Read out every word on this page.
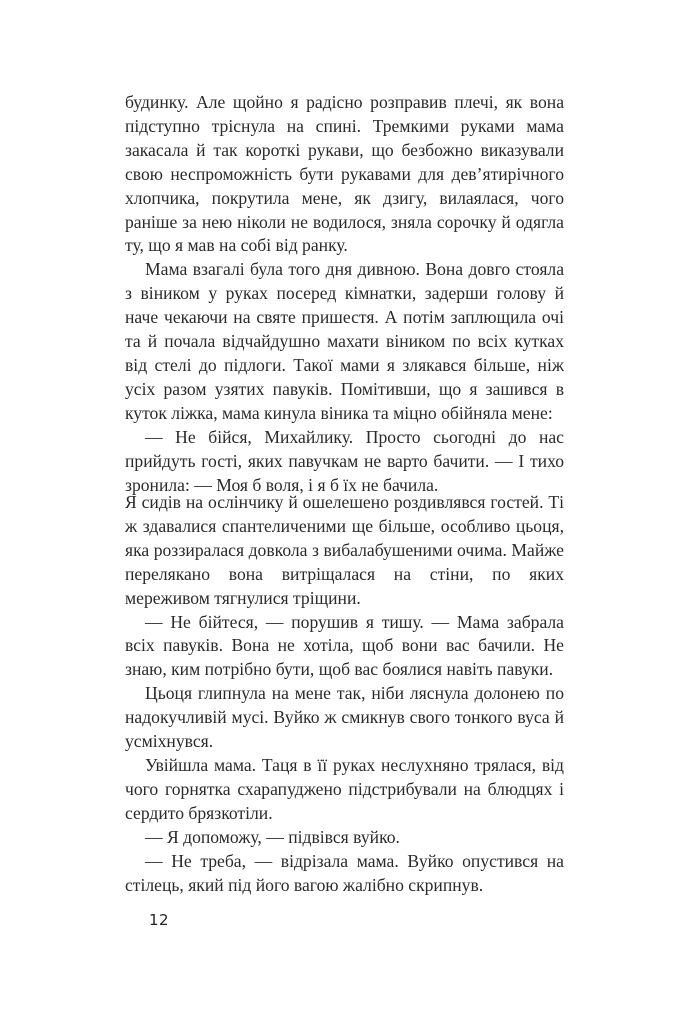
будинку. Але щойно я радісно розправив плечі, як вона підступно тріснула на спині. Тремкими руками мама закасала й так короткі рукави, що безбожно виказували свою неспроможність бути рукавами для дев’ятирічного хлопчика, покрутила мене, як дзигу, вилаялася, чого раніше за нею ніколи не водилося, зняла сорочку й одягла ту, що я мав на собі від ранку.

Мама взагалі була того дня дивною. Вона довго стояла з віником у руках посеред кімнатки, задерши голову й наче чекаючи на святе пришестя. А потім заплющила очі та й почала відчайдушно махати віником по всіх кутках від стелі до підлоги. Такої мами я злякався більше, ніж усіх разом узятих павуків. Помітивши, що я зашився в куток ліжка, мама кинула віника та міцно обійняла мене:

— Не бійся, Михайлику. Просто сьогодні до нас прийдуть гості, яких павучкам не варто бачити. — І тихо зронила: — Моя б воля, і я б їх не бачила.

Я сидів на ослінчику й ошелешено роздивлявся гостей. Ті ж здавалися спантеличеними ще більше, особливо цьоця, яка роззиралася довкола з вибалабушеними очима. Майже перелякано вона витріщалася на стіни, по яких мереживом тягнулися тріщини.

— Не бійтеся, — порушив я тишу. — Мама забрала всіх павуків. Вона не хотіла, щоб вони вас бачили. Не знаю, ким потрібно бути, щоб вас боялися навіть павуки.

Цьоця глипнула на мене так, ніби ляснула долонею по надокучливій мусі. Вуйко ж смикнув свого тонкого вуса й усміхнувся.

Увійшла мама. Таця в її руках неслухняно трялася, від чого горнятка схарапуджено підстрибували на блюдцях і сердито брязкотіли.

— Я допоможу, — підвівся вуйко.

— Не треба, — відрізала мама. Вуйко опустився на стілець, який під його вагою жалібно скрипнув.

12
